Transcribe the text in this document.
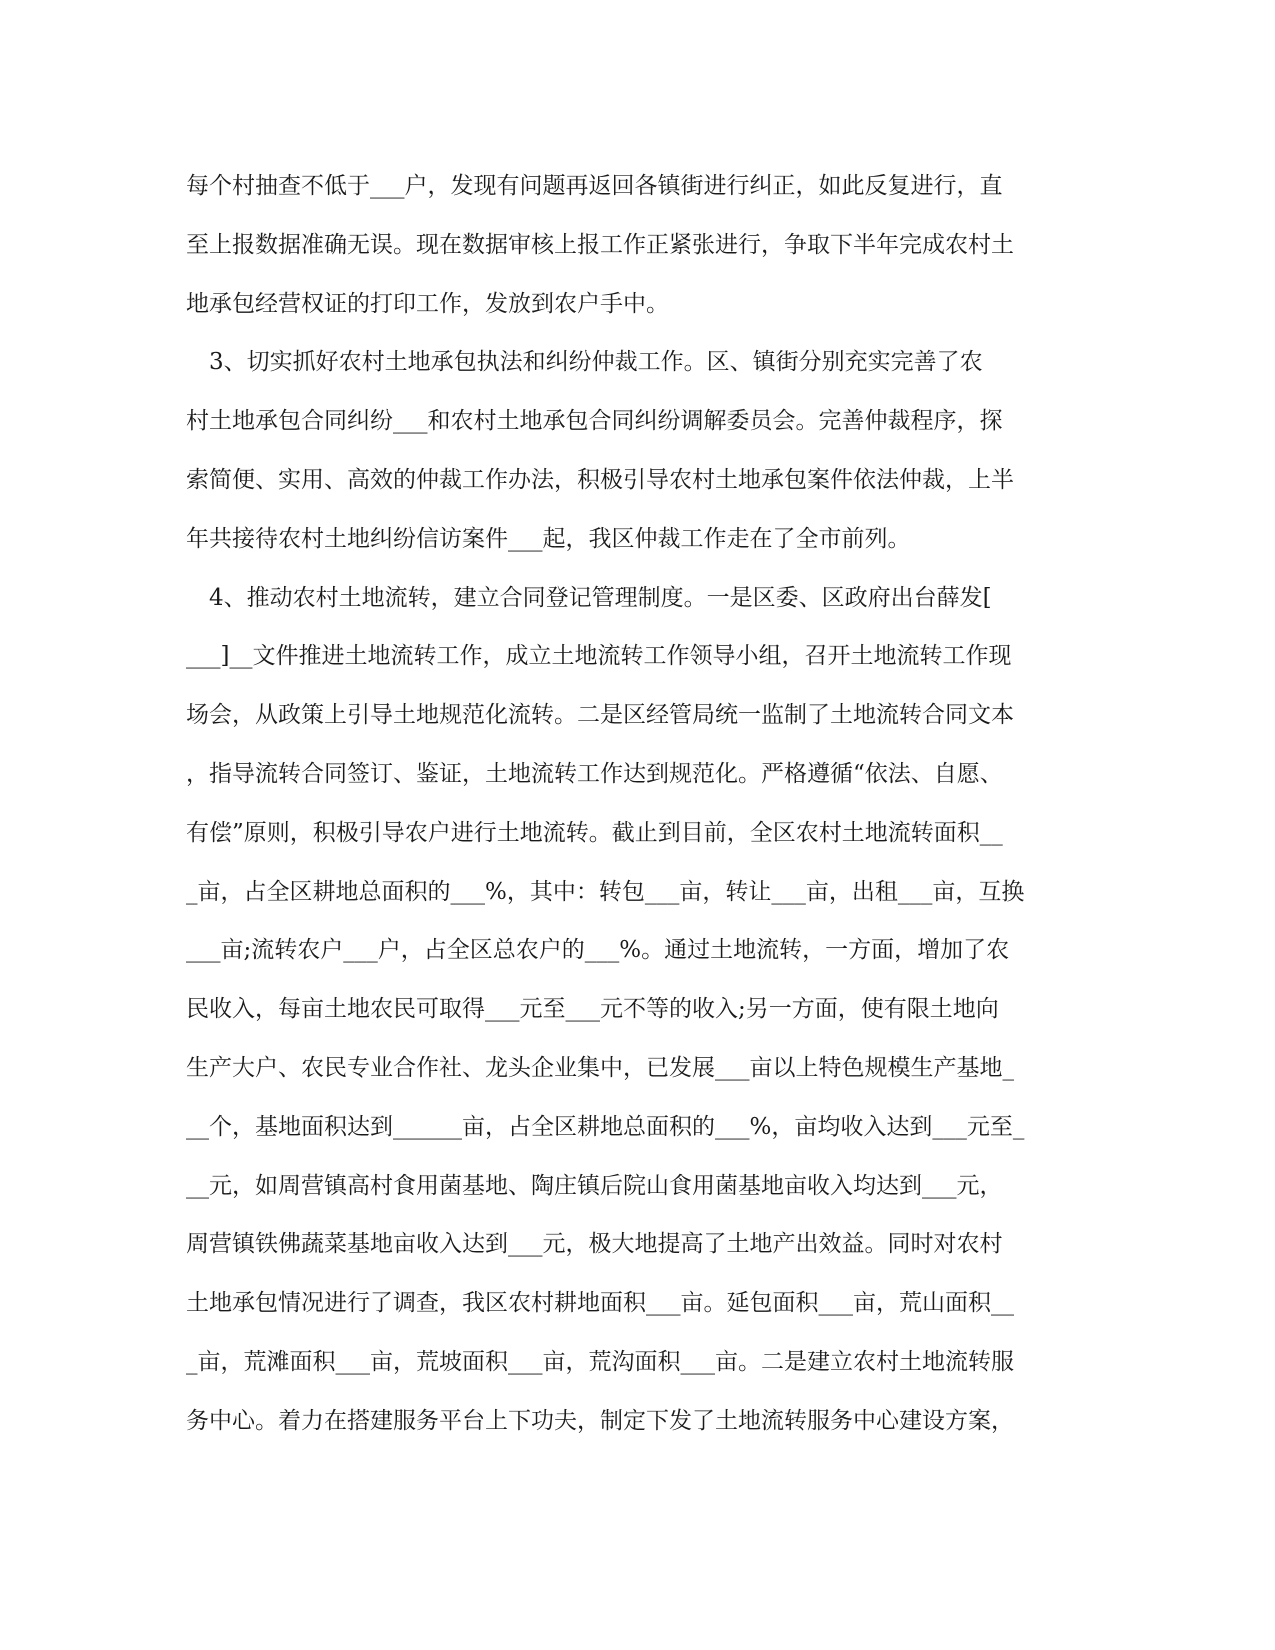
每个村抽查不低于___户，发现有问题再返回各镇街进行纠正，如此反复进行，直
至上报数据准确无误。现在数据审核上报工作正紧张进行，争取下半年完成农村土
地承包经营权证的打印工作，发放到农户手中。
　3、切实抓好农村土地承包执法和纠纷仲裁工作。区、镇街分别充实完善了农
村土地承包合同纠纷___和农村土地承包合同纠纷调解委员会。完善仲裁程序，探
索简便、实用、高效的仲裁工作办法，积极引导农村土地承包案件依法仲裁，上半
年共接待农村土地纠纷信访案件___起，我区仲裁工作走在了全市前列。
　4、推动农村土地流转，建立合同登记管理制度。一是区委、区政府出台薛发[
___]__文件推进土地流转工作，成立土地流转工作领导小组，召开土地流转工作现
场会，从政策上引导土地规范化流转。二是区经管局统一监制了土地流转合同文本
，指导流转合同签订、鉴证，土地流转工作达到规范化。严格遵循“依法、自愿、
有偿”原则，积极引导农户进行土地流转。截止到目前，全区农村土地流转面积__
_亩，占全区耕地总面积的___%，其中：转包___亩，转让___亩，出租___亩，互换
___亩;流转农户___户，占全区总农户的___%。通过土地流转，一方面，增加了农
民收入，每亩土地农民可取得___元至___元不等的收入;另一方面，使有限土地向
生产大户、农民专业合作社、龙头企业集中，已发展___亩以上特色规模生产基地_
__个，基地面积达到______亩，占全区耕地总面积的___%，亩均收入达到___元至_
__元，如周营镇高村食用菌基地、陶庄镇后院山食用菌基地亩收入均达到___元，
周营镇铁佛蔬菜基地亩收入达到___元，极大地提高了土地产出效益。同时对农村
土地承包情况进行了调查，我区农村耕地面积___亩。延包面积___亩，荒山面积__
_亩，荒滩面积___亩，荒坡面积___亩，荒沟面积___亩。二是建立农村土地流转服
务中心。着力在搭建服务平台上下功夫，制定下发了土地流转服务中心建设方案，
